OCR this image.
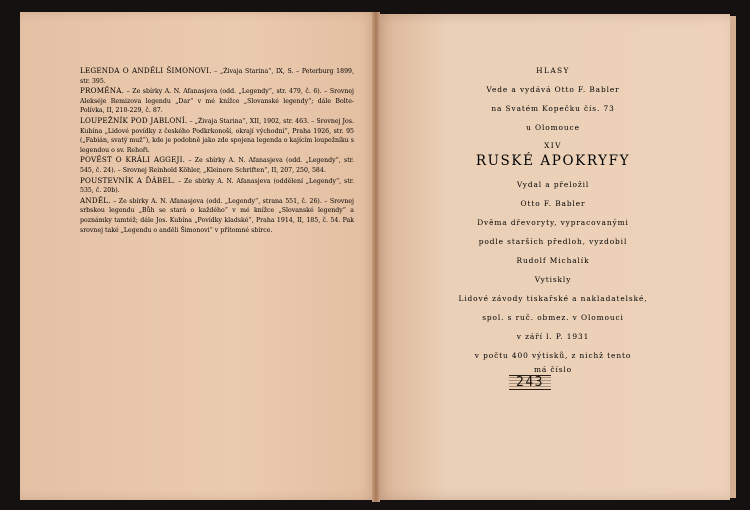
LEGENDA O ANDĚLI ŠIMONOVI. – „Živaja Starina“, IX, S. – Peterburg 1899, str. 395.

PROMĚNA. – Ze sbírky A. N. Afanasjeva (odd. „Legendy“, str. 479, č. 6). – Srovnej Alekséje Remizova legendu „Dar“ v mé knížce „Slovanské legendy“; dále Bolte-Polívka, II, 210-229, č. 87.

LOUPEŽNÍK POD JABLONÍ. – „Živaja Starina“, XII, 1902, str. 463. – Srovnej Jos. Kubína „Lidové povídky z českého Podkrkonoší, okrají východní“, Praha 1926, str. 95 („Fabián, svatý muž“), kde je podobně jako zde spojena legenda o kajícím loupežníku s legendou o sv. Rehoři.

POVĚST O KRÁLI AGGEJI. – Ze sbírky A. N. Afanasjeva (odd. „Legendy“, str. 545, č. 24). – Srovnej Reinhold Köhler, „Kleinere Schriften“, II, 207, 250, 584.

POUSTEVNÍK A ĎÁBEL. – Ze sbírky A. N. Afanasjeva (oddělení „Legendy“, str. 535, č. 20b).

ANDĚL. – Ze sbírky A. N. Afanasjeva (odd. „Legendy“, strana 551, č. 26). – Srovnej srbskou legendu „Bůh se stará o každého“ v mé knížce „Slovanské legendy“ a poznámky tamtéž; dále Jos. Kubína „Povídky kladské“, Praha 1914, II, 185, č. 54. Pak srovnej také „Legendu o anděli Šimonovi“ v přítomné sbírce.

HLASY
Vede a vydává Otto F. Babler
na Svatém Kopečku čís. 73
u Olomouce
XIV
RUSKÉ APOKRYFY
Vydal a přeložil
Otto F. Babler
Dvěma dřevoryty, vypracovanými
podle starších předloh, vyzdobil
Rudolf Michalík
Vytiskly
Lidové závody tiskařské a nakladatelské,
spol. s ruč. obmez. v Olomouci
v září l. P. 1931
v počtu 400 výtisků, z nichž tento
má číslo
243
